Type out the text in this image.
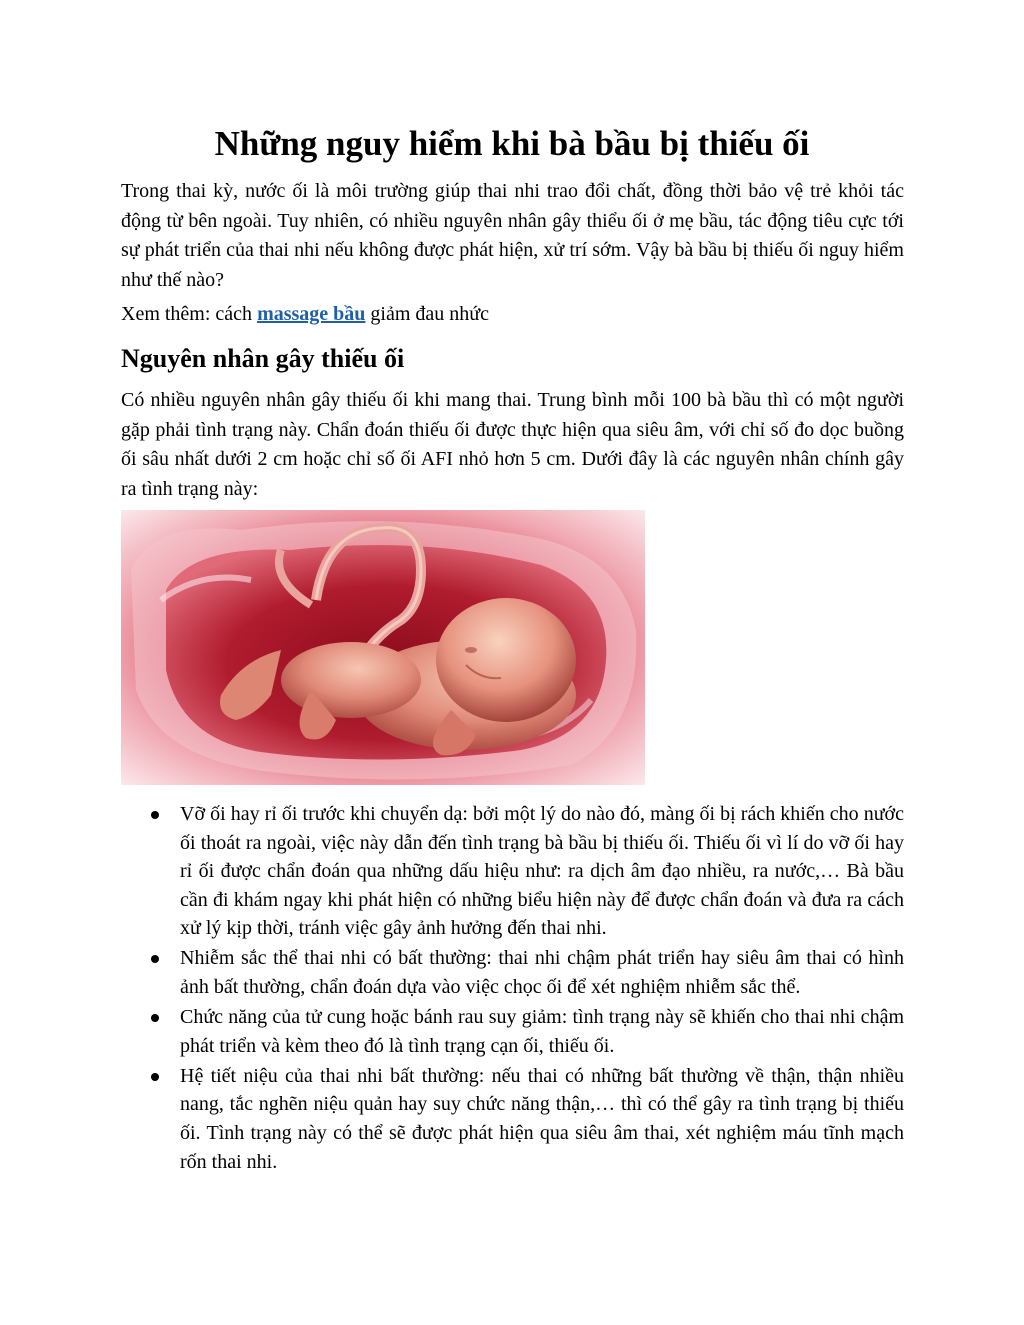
Những nguy hiểm khi bà bầu bị thiếu ối

Trong thai kỳ, nước ối là môi trường giúp thai nhi trao đổi chất, đồng thời bảo vệ trẻ khỏi tác động từ bên ngoài. Tuy nhiên, có nhiều nguyên nhân gây thiểu ối ở mẹ bầu, tác động tiêu cực tới sự phát triển của thai nhi nếu không được phát hiện, xử trí sớm. Vậy bà bầu bị thiếu ối nguy hiểm như thế nào?

Xem thêm: cách massage bầu giảm đau nhức

Nguyên nhân gây thiếu ối

Có nhiều nguyên nhân gây thiếu ối khi mang thai. Trung bình mỗi 100 bà bầu thì có một người gặp phải tình trạng này. Chẩn đoán thiếu ối được thực hiện qua siêu âm, với chỉ số đo dọc buồng ối sâu nhất dưới 2 cm hoặc chỉ số ối AFI nhỏ hơn 5 cm. Dưới đây là các nguyên nhân chính gây ra tình trạng này:

Vỡ ối hay rỉ ối trước khi chuyển dạ: bởi một lý do nào đó, màng ối bị rách khiến cho nước ối thoát ra ngoài, việc này dẫn đến tình trạng bà bầu bị thiếu ối. Thiếu ối vì lí do vỡ ối hay rỉ ối được chẩn đoán qua những dấu hiệu như: ra dịch âm đạo nhiều, ra nước,… Bà bầu cần đi khám ngay khi phát hiện có những biểu hiện này để được chẩn đoán và đưa ra cách xử lý kịp thời, tránh việc gây ảnh hưởng đến thai nhi.
Nhiễm sắc thể thai nhi có bất thường: thai nhi chậm phát triển hay siêu âm thai có hình ảnh bất thường, chẩn đoán dựa vào việc chọc ối để xét nghiệm nhiễm sắc thể.
Chức năng của tử cung hoặc bánh rau suy giảm: tình trạng này sẽ khiến cho thai nhi chậm phát triển và kèm theo đó là tình trạng cạn ối, thiếu ối.
Hệ tiết niệu của thai nhi bất thường: nếu thai có những bất thường về thận, thận nhiều nang, tắc nghẽn niệu quản hay suy chức năng thận,… thì có thể gây ra tình trạng bị thiếu ối. Tình trạng này có thể sẽ được phát hiện qua siêu âm thai, xét nghiệm máu tĩnh mạch rốn thai nhi.
